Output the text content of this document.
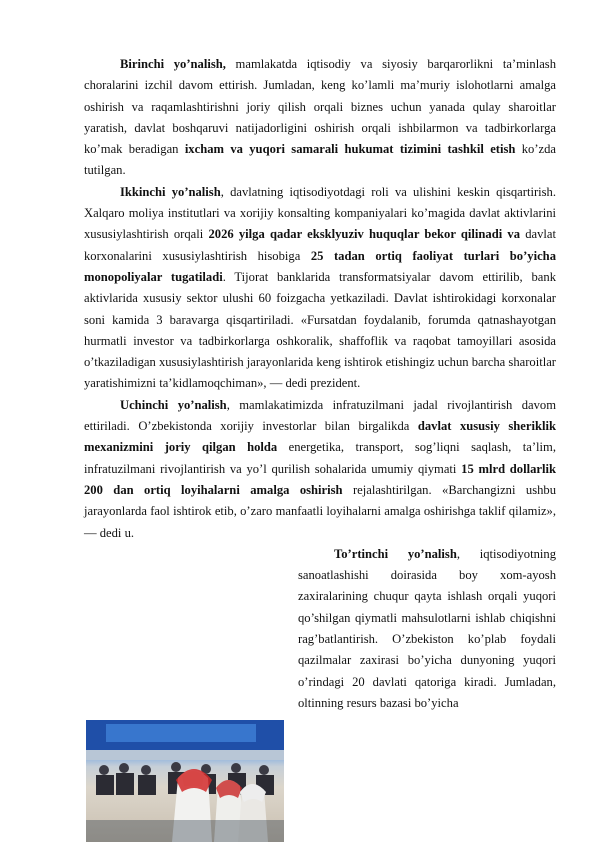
Birinchi yo’nalish, mamlakatda iqtisodiy va siyosiy barqarorlikni ta’minlash choralarini izchil davom ettirish. Jumladan, keng ko’lamli ma’muriy islohotlarni amalga oshirish va raqamlashtirishni joriy qilish orqali biznes uchun yanada qulay sharoitlar yaratish, davlat boshqaruvi natijadorligini oshirish orqali ishbilarmon va tadbirkorlarga ko’mak beradigan ixcham va yuqori samarali hukumat tizimini tashkil etish ko’zda tutilgan.

Ikkinchi yo’nalish, davlatning iqtisodiyotdagi roli va ulishini keskin qisqartirish. Xalqaro moliya institutlari va xorijiy konsalting kompaniyalari ko’magida davlat aktivlarini xususiylashtirish orqali 2026 yilga qadar eksklyuziv huquqlar bekor qilinadi va davlat korxonalarini xususiylashtirish hisobiga 25 tadan ortiq faoliyat turlari bo’yicha monopoliyalar tugatiladi. Tijorat banklarida transformatsiyalar davom ettirilib, bank aktivlarida xususiy sektor ulushi 60 foizgacha yetkaziladi. Davlat ishtirokidagi korxonalar soni kamida 3 baravarga qisqartiriladi. «Fursatdan foydalanib, forumda qatnashayotgan hurmatli investor va tadbirkorlarga oshkoralik, shaffoflik va raqobat tamoyillari asosida o’tkaziladigan xususiylashtirish jarayonlarida keng ishtirok etishingiz uchun barcha sharoitlar yaratishimizni ta’kidlamoqchiman», — dedi prezident.

Uchinchi yo’nalish, mamlakatimizda infratuzilmani jadal rivojlantirish davom ettiriladi. O’zbekistonda xorijiy investorlar bilan birgalikda davlat xususiy sheriklik mexanizmini joriy qilgan holda energetika, transport, sog’liqni saqlash, ta’lim, infratuzilmani rivojlantirish va yo’l qurilish sohalarida umumiy qiymati 15 mlrd dollarlik 200 dan ortiq loyihalarni amalga oshirish rejalashtirilgan. «Barchangizni ushbu jarayonlarda faol ishtirok etib, o’zaro manfaatli loyihalarni amalga oshirishga taklif qilamiz», — dedi u.

To’rtinchi yo’nalish, iqtisodiyotning sanoatlashishi doirasida boy xom-ayosh zaxiralarining chuqur qayta ishlash orqali yuqori qo’shilgan qiymatli mahsulotlarni ishlab chiqishni rag’batlantirish. O’zbekiston ko’plab foydali qazilmalar zaxirasi bo’yicha dunyoning yuqori o’rindagi 20 davlati qatoriga kiradi. Jumladan, oltinning resurs bazasi bo’yicha
